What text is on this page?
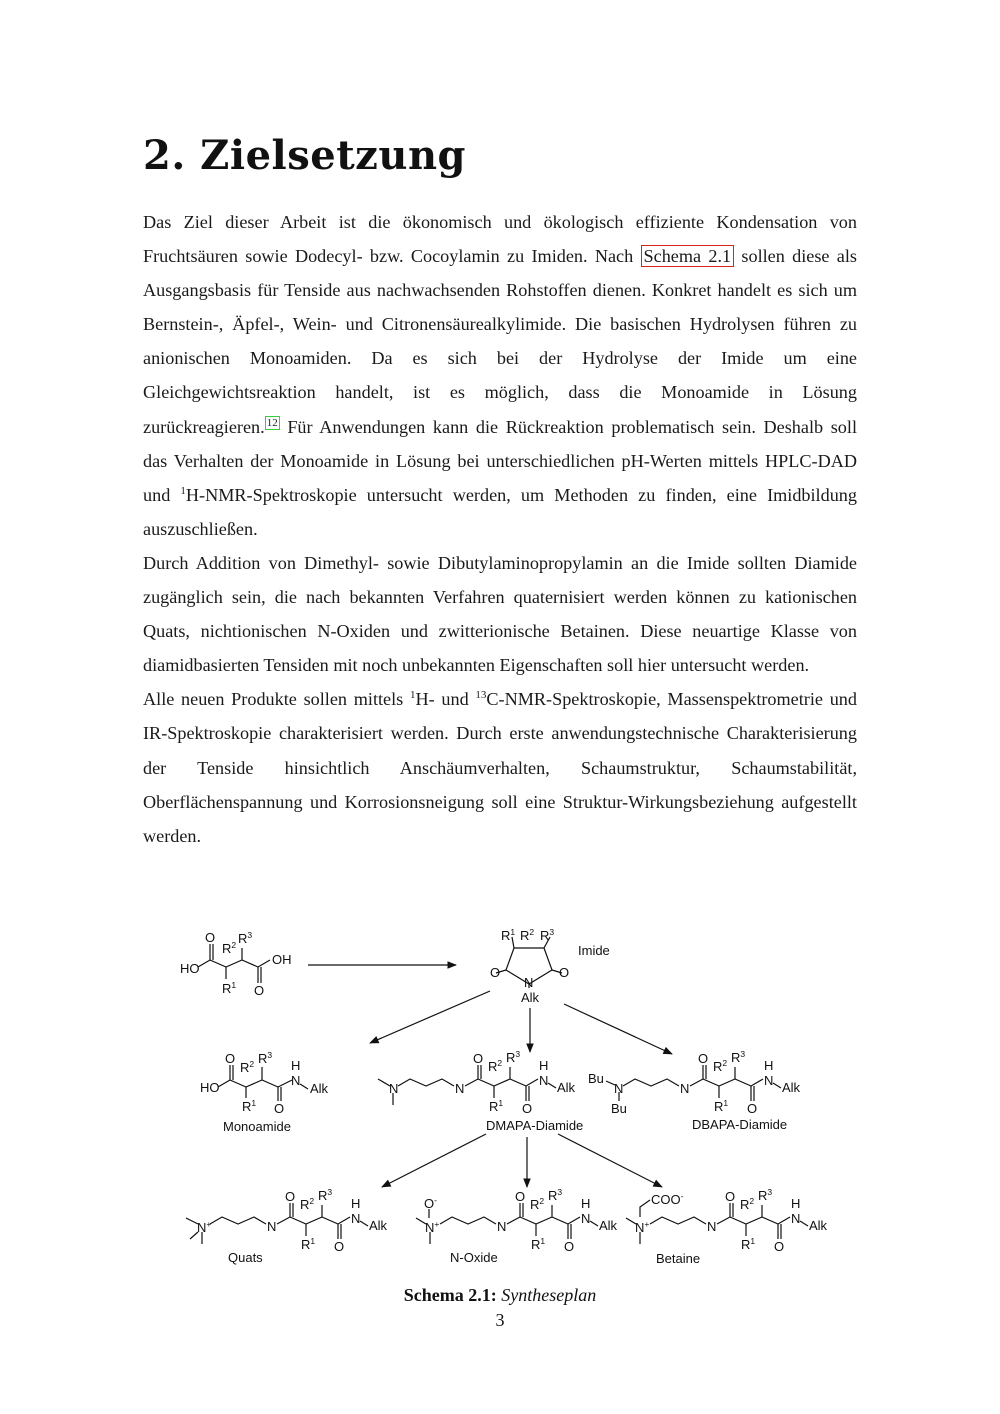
2. Zielsetzung

Das Ziel dieser Arbeit ist die ökonomisch und ökologisch effiziente Kondensation von Fruchtsäuren sowie Dodecyl- bzw. Cocoylamin zu Imiden. Nach Schema 2.1 sollen diese als Ausgangsbasis für Tenside aus nachwachsenden Rohstoffen dienen. Konkret handelt es sich um Bernstein-, Äpfel-, Wein- und Citronensäurealkylimide. Die basischen Hydrolysen führen zu anionischen Monoamiden. Da es sich bei der Hydrolyse der Imide um eine Gleichgewichtsreaktion handelt, ist es möglich, dass die Monoamide in Lösung zurückreagieren. $^{12}$ Für Anwendungen kann die Rückreaktion problematisch sein. Deshalb soll das Verhalten der Monoamide in Lösung bei unterschiedlichen pH-Werten mittels HPLC-DAD und $^1$H-NMR-Spektroskopie untersucht werden, um Methoden zu finden, eine Imidbildung auszuschließen.

Durch Addition von Dimethyl- sowie Dibutylaminopropylamin an die Imide sollten Diamide zugänglich sein, die nach bekannten Verfahren quaternisiert werden können zu kationischen Quats, nichtionischen N-Oxiden und zwitterionische Betainen. Diese neuartige Klasse von diamidbasierten Tensiden mit noch unbekannten Eigenschaften soll hier untersucht werden.

Alle neuen Produkte sollen mittels $^1$H- und $^{13}$C-NMR-Spektroskopie, Massenspektrometrie und IR-Spektroskopie charakterisiert werden. Durch erste anwendungstechnische Charakterisierung der Tenside hinsichtlich Anschäumverhalten, Schaumstruktur, Schaumstabilität, Oberflächenspannung und Korrosionsneigung soll eine Struktur-Wirkungsbeziehung aufgestellt werden.

HO
O
OH
O
$R^1$
$R^2$ $R^3$
O	O
N
Alk
$R^1$ $R^2$ $R^3$
Imide
HO
O
O
H
N
Alk
$R^1$
$R^2$ $R^3$
Monoamide
N	N
O
O
H
N Alk
$R^1$
$R^2$ $R^3$
DMAPA-Diamide
Bu
N
Bu
N
O
O
H
N Alk
$R^1$
$R^2$ $R^3$
DBAPA-Diamide
N+	N
O
O
H
N Alk
$R^1$
$R^2$ $R^3$
Quats
O-
N+	N
O
O
H
N Alk
$R^1$
$R^2$ $R^3$
N-Oxide
COO-
N+	N
O
O
H
N Alk
$R^1$
$R^2$ $R^3$
Betaine
Schema 2.1: Syntheseplan
3
